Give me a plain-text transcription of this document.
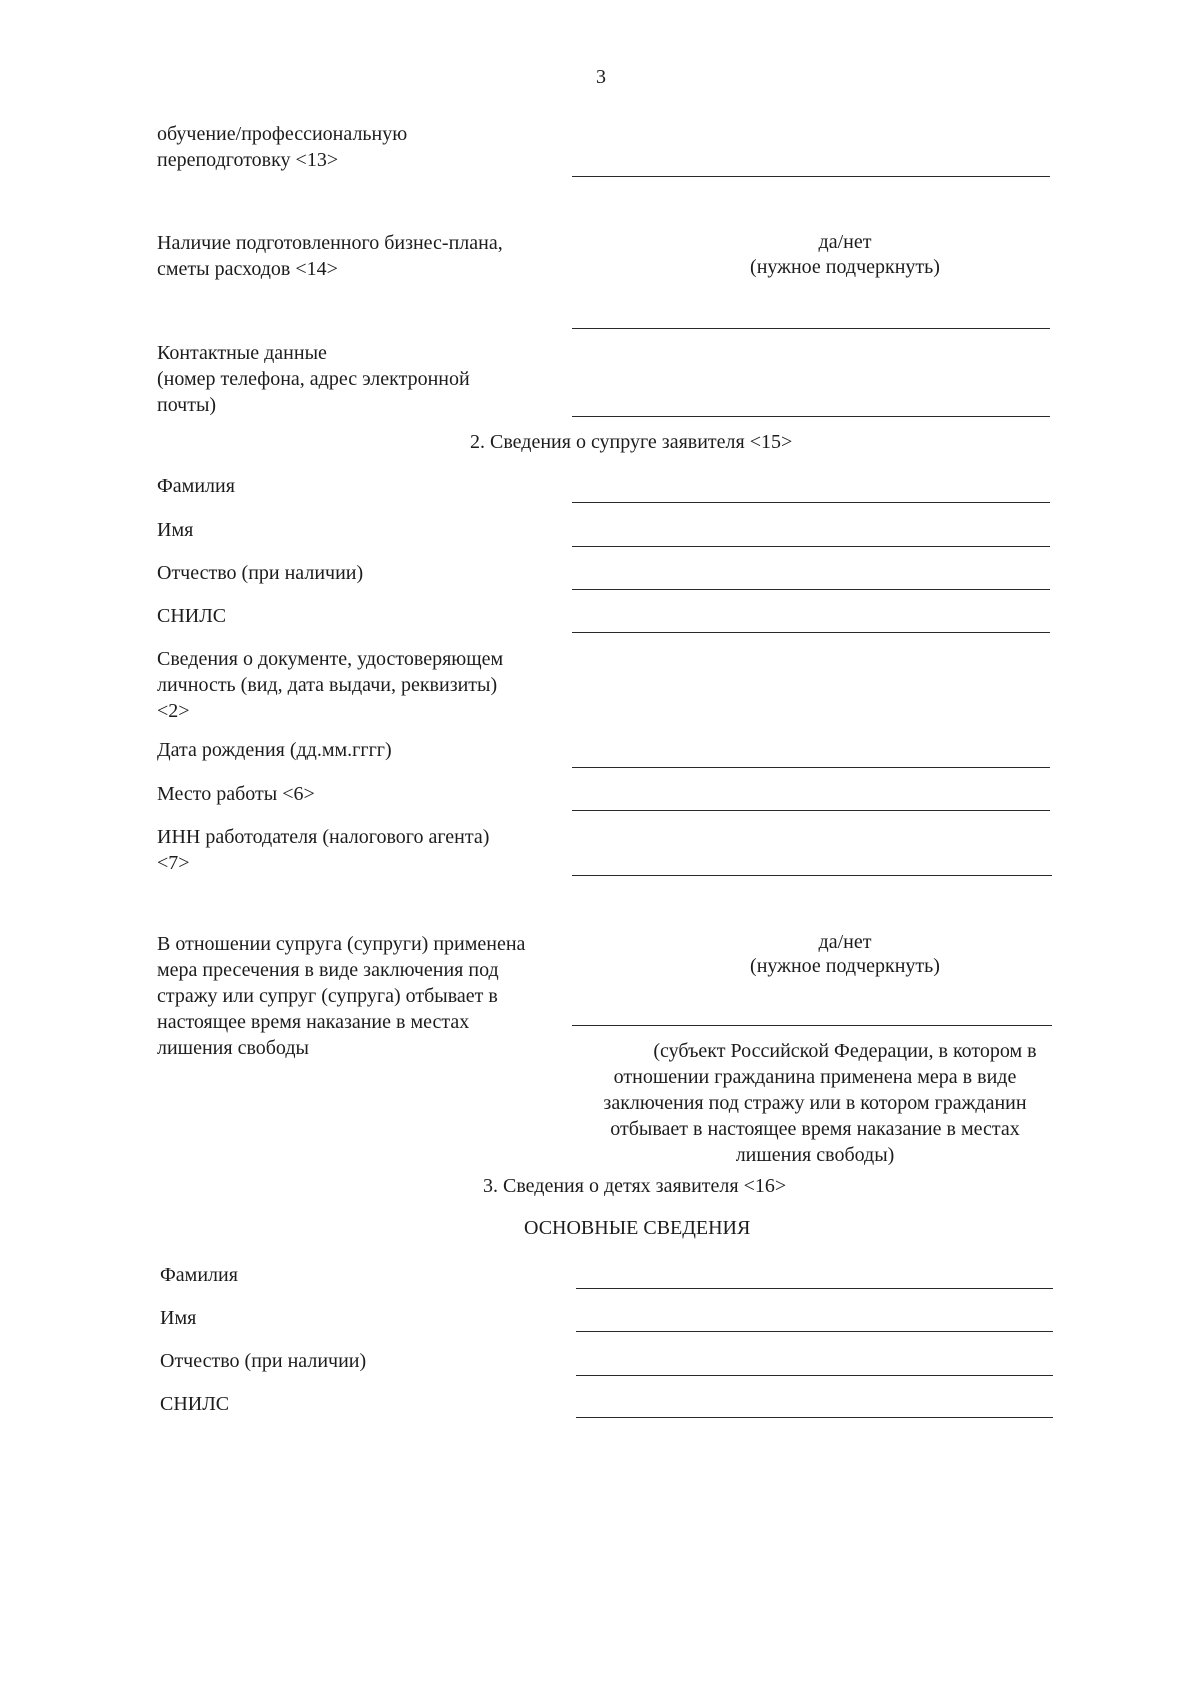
3
обучение/профессиональную
переподготовку <13>
Наличие подготовленного бизнес-плана,
сметы расходов <14>
да/нет
(нужное подчеркнуть)
Контактные данные
(номер телефона, адрес электронной
почты)
2. Сведения о супруге заявителя <15>
Фамилия
Имя
Отчество (при наличии)
СНИЛС
Сведения о документе, удостоверяющем
личность (вид, дата выдачи, реквизиты)
<2>
Дата рождения (дд.мм.гггг)
Место работы <6>
ИНН работодателя (налогового агента)
<7>
В отношении супруга (супруги) применена
мера пресечения в виде заключения под
стражу или супруг (супруга) отбывает в
настоящее время наказание в местах
лишения свободы
да/нет
(нужное подчеркнуть)
(субъект Российской Федерации, в котором в
отношении гражданина применена мера в виде
заключения под стражу или в котором гражданин
отбывает в настоящее время наказание в местах
лишения свободы)
3. Сведения о детях заявителя <16>
ОСНОВНЫЕ СВЕДЕНИЯ
Фамилия
Имя
Отчество (при наличии)
СНИЛС
